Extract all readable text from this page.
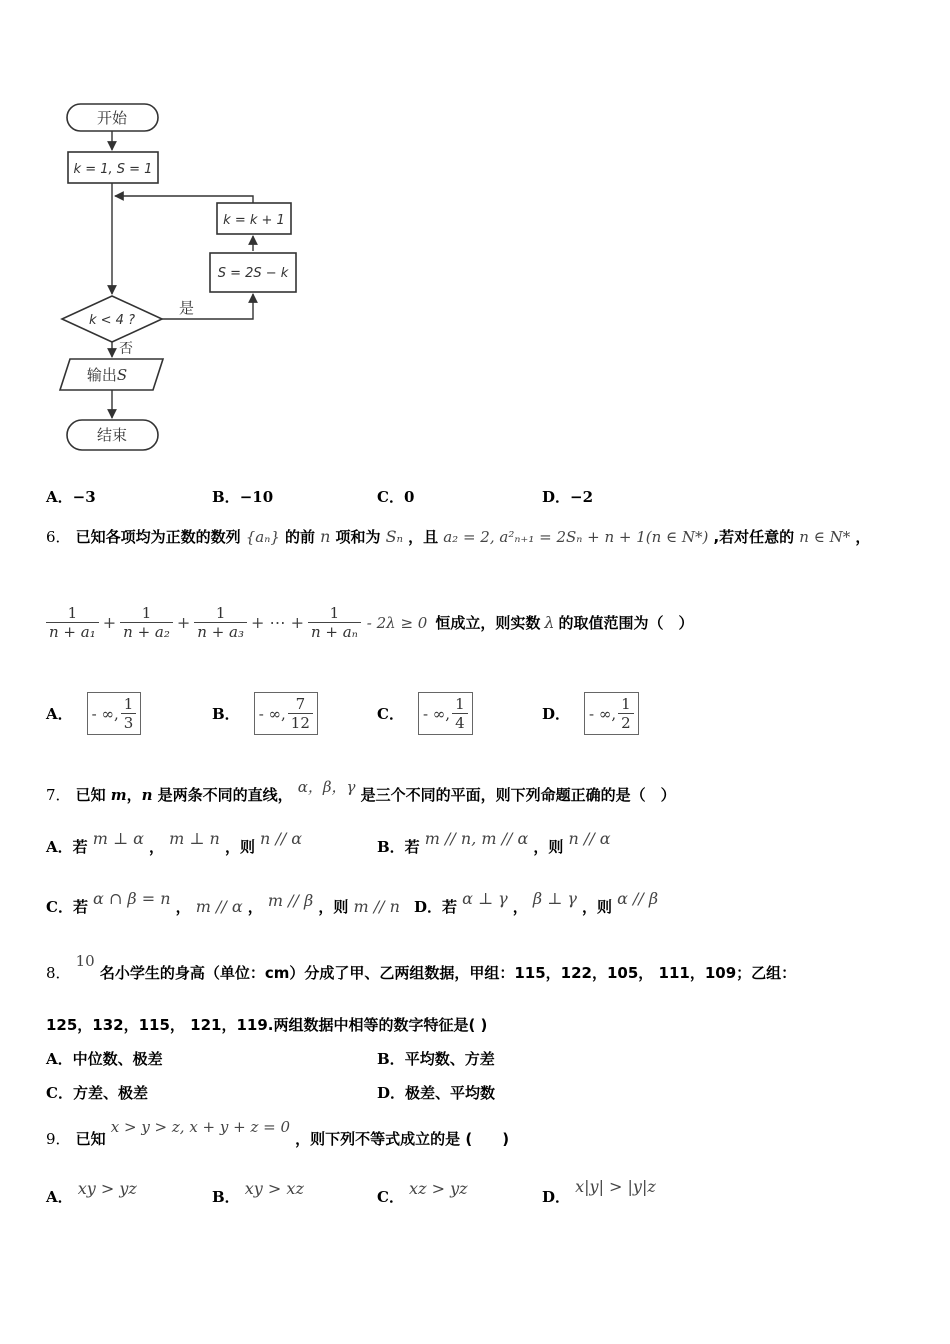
开始
k = 1, S = 1
k = k + 1
S = 2S − k
k < 4 ?
是
否
输出S
结束
A．−3	B．−10	C．0	D．−2
6． 已知各项均为正数的数列 {aₙ} 的前 n 项和为 Sₙ ，且 a₂ = 2, a²ₙ₊₁ = 2Sₙ + n + 1(n ∈ N*) ,若对任意的 n ∈ N* ，
$\frac{1}{\text{n + a₁}} + \frac{1}{\text{n + a₂}} + \frac{1}{\text{n + a₃}}$ + ⋯ + $\frac{1}{\text{n + aₙ}} - 2\lambda \ge 0$ 恒成立，则实数 λ 的取值范围为（　）
A． - ∞, $\frac{1}{3}$	B． - ∞, $\frac{7}{12}$	C． - ∞, $\frac{1}{4}$	D． - ∞, $\frac{1}{2}$
7． 已知 m，n 是两条不同的直线， α，β，γ 是三个不同的平面，则下列命题正确的是（　）
A．若 m ⊥ α ， m ⊥ n ，则 n // α	B．若 m // n, m // α ，则 n // α
C．若 α ∩ β = n ， m // α ， m // β ，则 m // n D．若 α ⊥ γ ， β ⊥ γ ，则 α // β
8． 10 名小学生的身高（单位：cm）分成了甲、乙两组数据，甲组：115，122，105， 111，109；乙组：
125，132，115， 121，119.两组数据中相等的数字特征是( )
A．中位数、极差	B．平均数、方差
C．方差、极差	D．极差、平均数
9． 已知 x > y > z, x + y + z = 0 ，则下列不等式成立的是 (　　)
A． xy > yz	B． xy > xz	C． xz > yz	D． x|y| > |y|z
